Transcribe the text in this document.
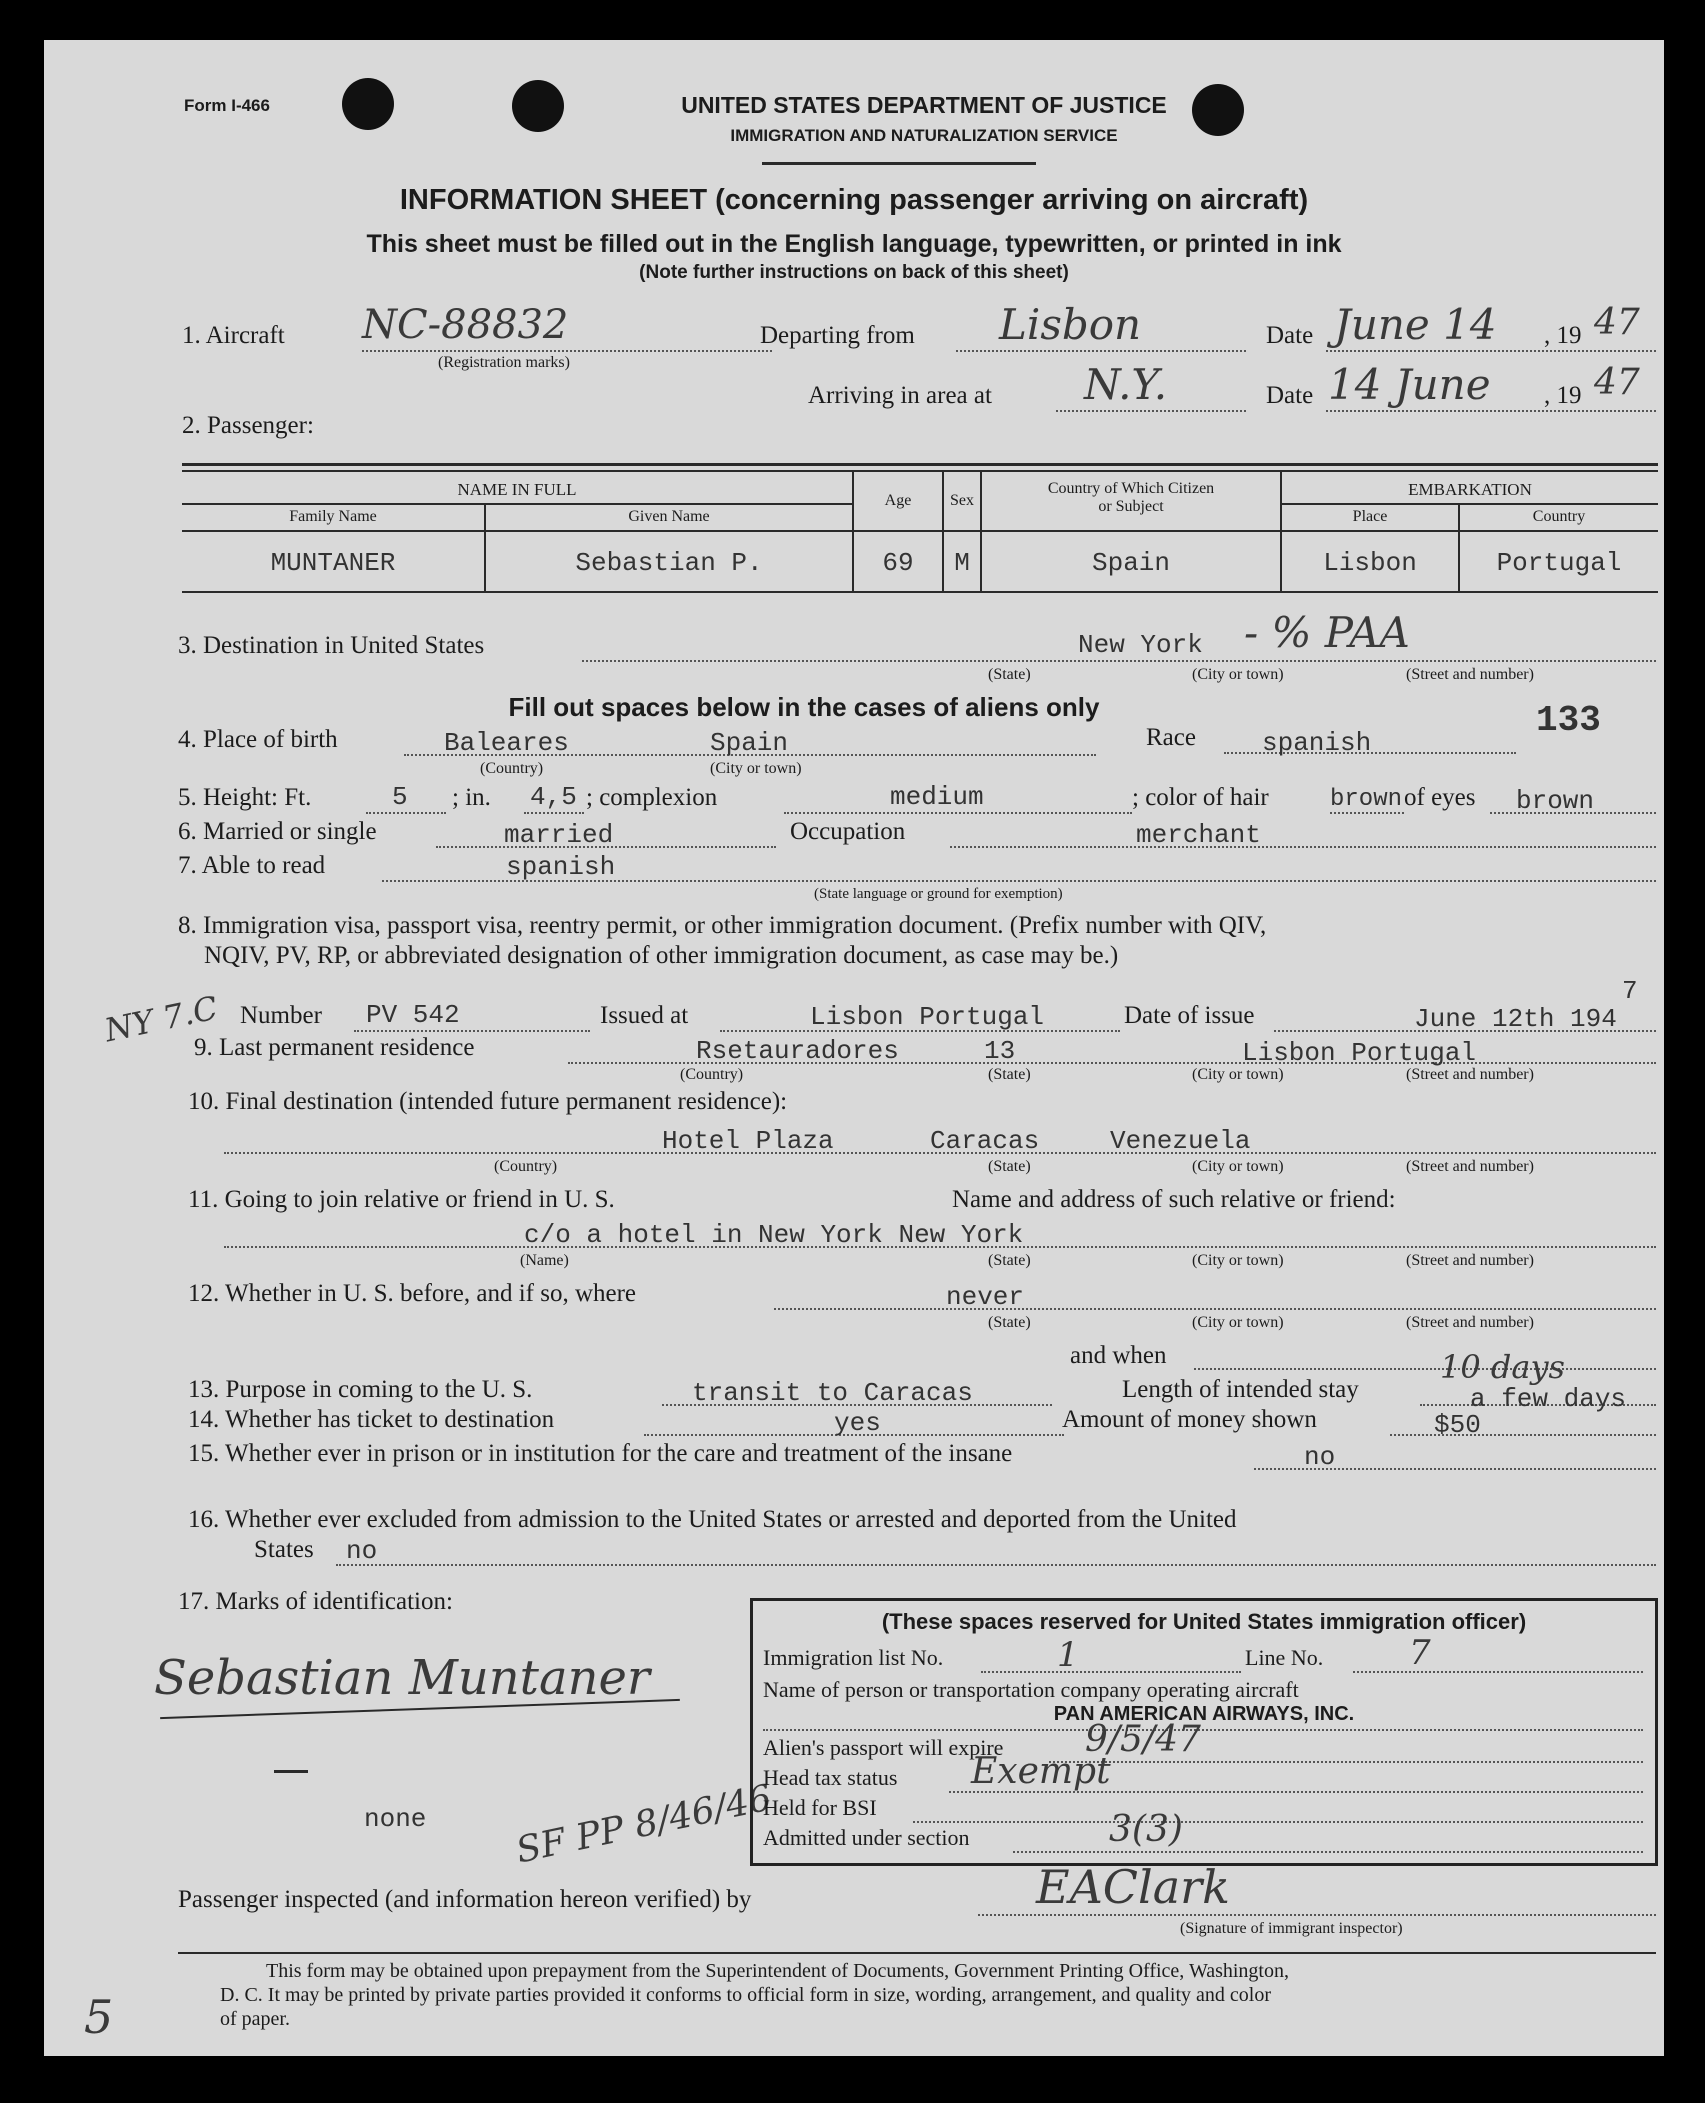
Form I-466	UNITED STATES DEPARTMENT OF JUSTICE
IMMIGRATION AND NATURALIZATION SERVICE
INFORMATION SHEET (concerning passenger arriving on aircraft)
This sheet must be filled out in the English language, typewritten, or printed in ink
(Note further instructions on back of this sheet)
1. Aircraft NC-88832
(Registration marks)
Departing from Lisbon	Date June 14 , 19 47
Arriving in area at N.Y.	Date 14 June , 19 47
2. Passenger:
NAME IN FULL
Family Name	Given Name
Age	Sex
Country of Which Citizen
or Subject
EMBARKATION
Place	Country
MUNTANER	Sebastian P.	69	M	Spain	Lisbon	Portugal
3. Destination in United States	New York - % PAA
(State)	(City or town)	(Street and number)
Fill out spaces below in the cases of aliens only	133
4. Place of birth	Baleares	Spain
(Country)	(City or town)
Race	spanish
5. Height: Ft.	5 ; in. 4,5 ; complexion	medium	; color of hair	brown of eyes brown
6. Married or single	married	Occupation	merchant
7. Able to read	spanish
(State language or ground for exemption)
8. Immigration visa, passport visa, reentry permit, or other immigration document. (Prefix number with QIV,
NQIV, PV, RP, or abbreviated designation of other immigration document, as case may be.)
NY 7.C Number PV 542	Issued at	Lisbon Portugal	Date of issue	June 12th 194
7
9. Last permanent residence	Rsetauradores	13	Lisbon Portugal
(Country)	(State)	(City or town)	(Street and number)
10. Final destination (intended future permanent residence):
Hotel Plaza	Caracas	Venezuela
(Country)	(State)	(City or town)	(Street and number)
11. Going to join relative or friend in U. S.	Name and address of such relative or friend:
c/o a hotel in New York New York
(Name)	(State)	(City or town)	(Street and number)
12. Whether in U. S. before, and if so, where	never
(State)	(City or town)	(Street and number)
and when
13. Purpose in coming to the U. S.	transit to Caracas	Length of intended stay	a few days
10 days
14. Whether has ticket to destination	yes	Amount of money shown	$50
15. Whether ever in prison or in institution for the care and treatment of the insane	no
16. Whether ever excluded from admission to the United States or arrested and deported from the United
States no
17. Marks of identification:
Sebastian Muntaner
none SF PP 8/46/46
(These spaces reserved for United States immigration officer)
Immigration list No.	1	Line No.	7
Name of person or transportation company operating aircraft
PAN AMERICAN AIRWAYS, INC.
Alien's passport will expire 9/5/47
Head tax status Exempt
Held for BSI
Admitted under section	3(3)
Passenger inspected (and information hereon verified) by	EAClark
(Signature of immigrant inspector)
This form may be obtained upon prepayment from the Superintendent of Documents, Government Printing Office, Washington,
D. C. It may be printed by private parties provided it conforms to official form in size, wording, arrangement, and quality and color
of paper.
5
